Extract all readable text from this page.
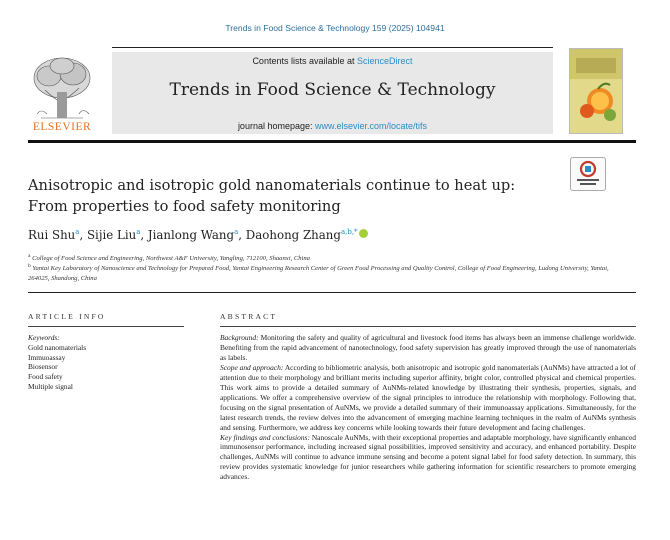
Trends in Food Science & Technology 159 (2025) 104941
ELSEVIER
Contents lists available at ScienceDirect
Trends in Food Science & Technology
journal homepage: www.elsevier.com/locate/tifs
Anisotropic and isotropic gold nanomaterials continue to heat up: From properties to food safety monitoring
Rui Shu$^a$, Sijie Liu$^a$, Jianlong Wang$^a$, Daohong Zhang$^{a,b,*}$
$^a$ College of Food Science and Engineering, Northwest A&F University, Yangling, 712100, Shaanxi, China
$^b$ Yantai Key Laboratory of Nanoscience and Technology for Prepared Food, Yantai Engineering Research Center of Green Food Processing and Quality Control, College of Food Engineering, Ludong University, Yantai, 264025, Shandong, China
ARTICLE INFO	ABSTRACT
Keywords:
Gold nanomaterials
Immuoassay
Biosensor
Food safety
Multiple signal

Background: Monitoring the safety and quality of agricultural and livestock food items has always been an immense challenge worldwide. Benefiting from the rapid advancement of nanotechnology, food safety supervision has greatly improved through the use of nanomaterials as labels.

Scope and approach: According to bibliometric analysis, both anisotropic and isotropic gold nanomaterials (AuNMs) have attracted a lot of attention due to their morphology and brilliant merits including superior affinity, bright color, controlled physical and chemical properties. This work aims to provide a detailed summary of AuNMs-related knowledge by illustrating their synthesis, properties, signals, and applications. We offer a comprehensive overview of the signal principles to introduce the relationship with morphology. Following that, focusing on the signal presentation of AuNMs, we provide a detailed summary of their immunoassay applications. Simultaneously, for the latest research trends, the review delves into the advancement of emerging machine learning techniques in the realm of AuNMs synthesis and sensing. Furthermore, we address key concerns while looking towards their future development and facing challenges.

Key findings and conclusions: Nanoscale AuNMs, with their exceptional properties and adaptable morphology, have significantly enhanced immunosensor performance, including increased signal possibilities, improved sensitivity and accuracy, and enhanced portability. Despite challenges, AuNMs will continue to advance immune sensing and become a potent signal label for food safety detection. In summary, this review provides systematic knowledge for junior researchers while gathering information for scientific researchers to promote emerging advances.
